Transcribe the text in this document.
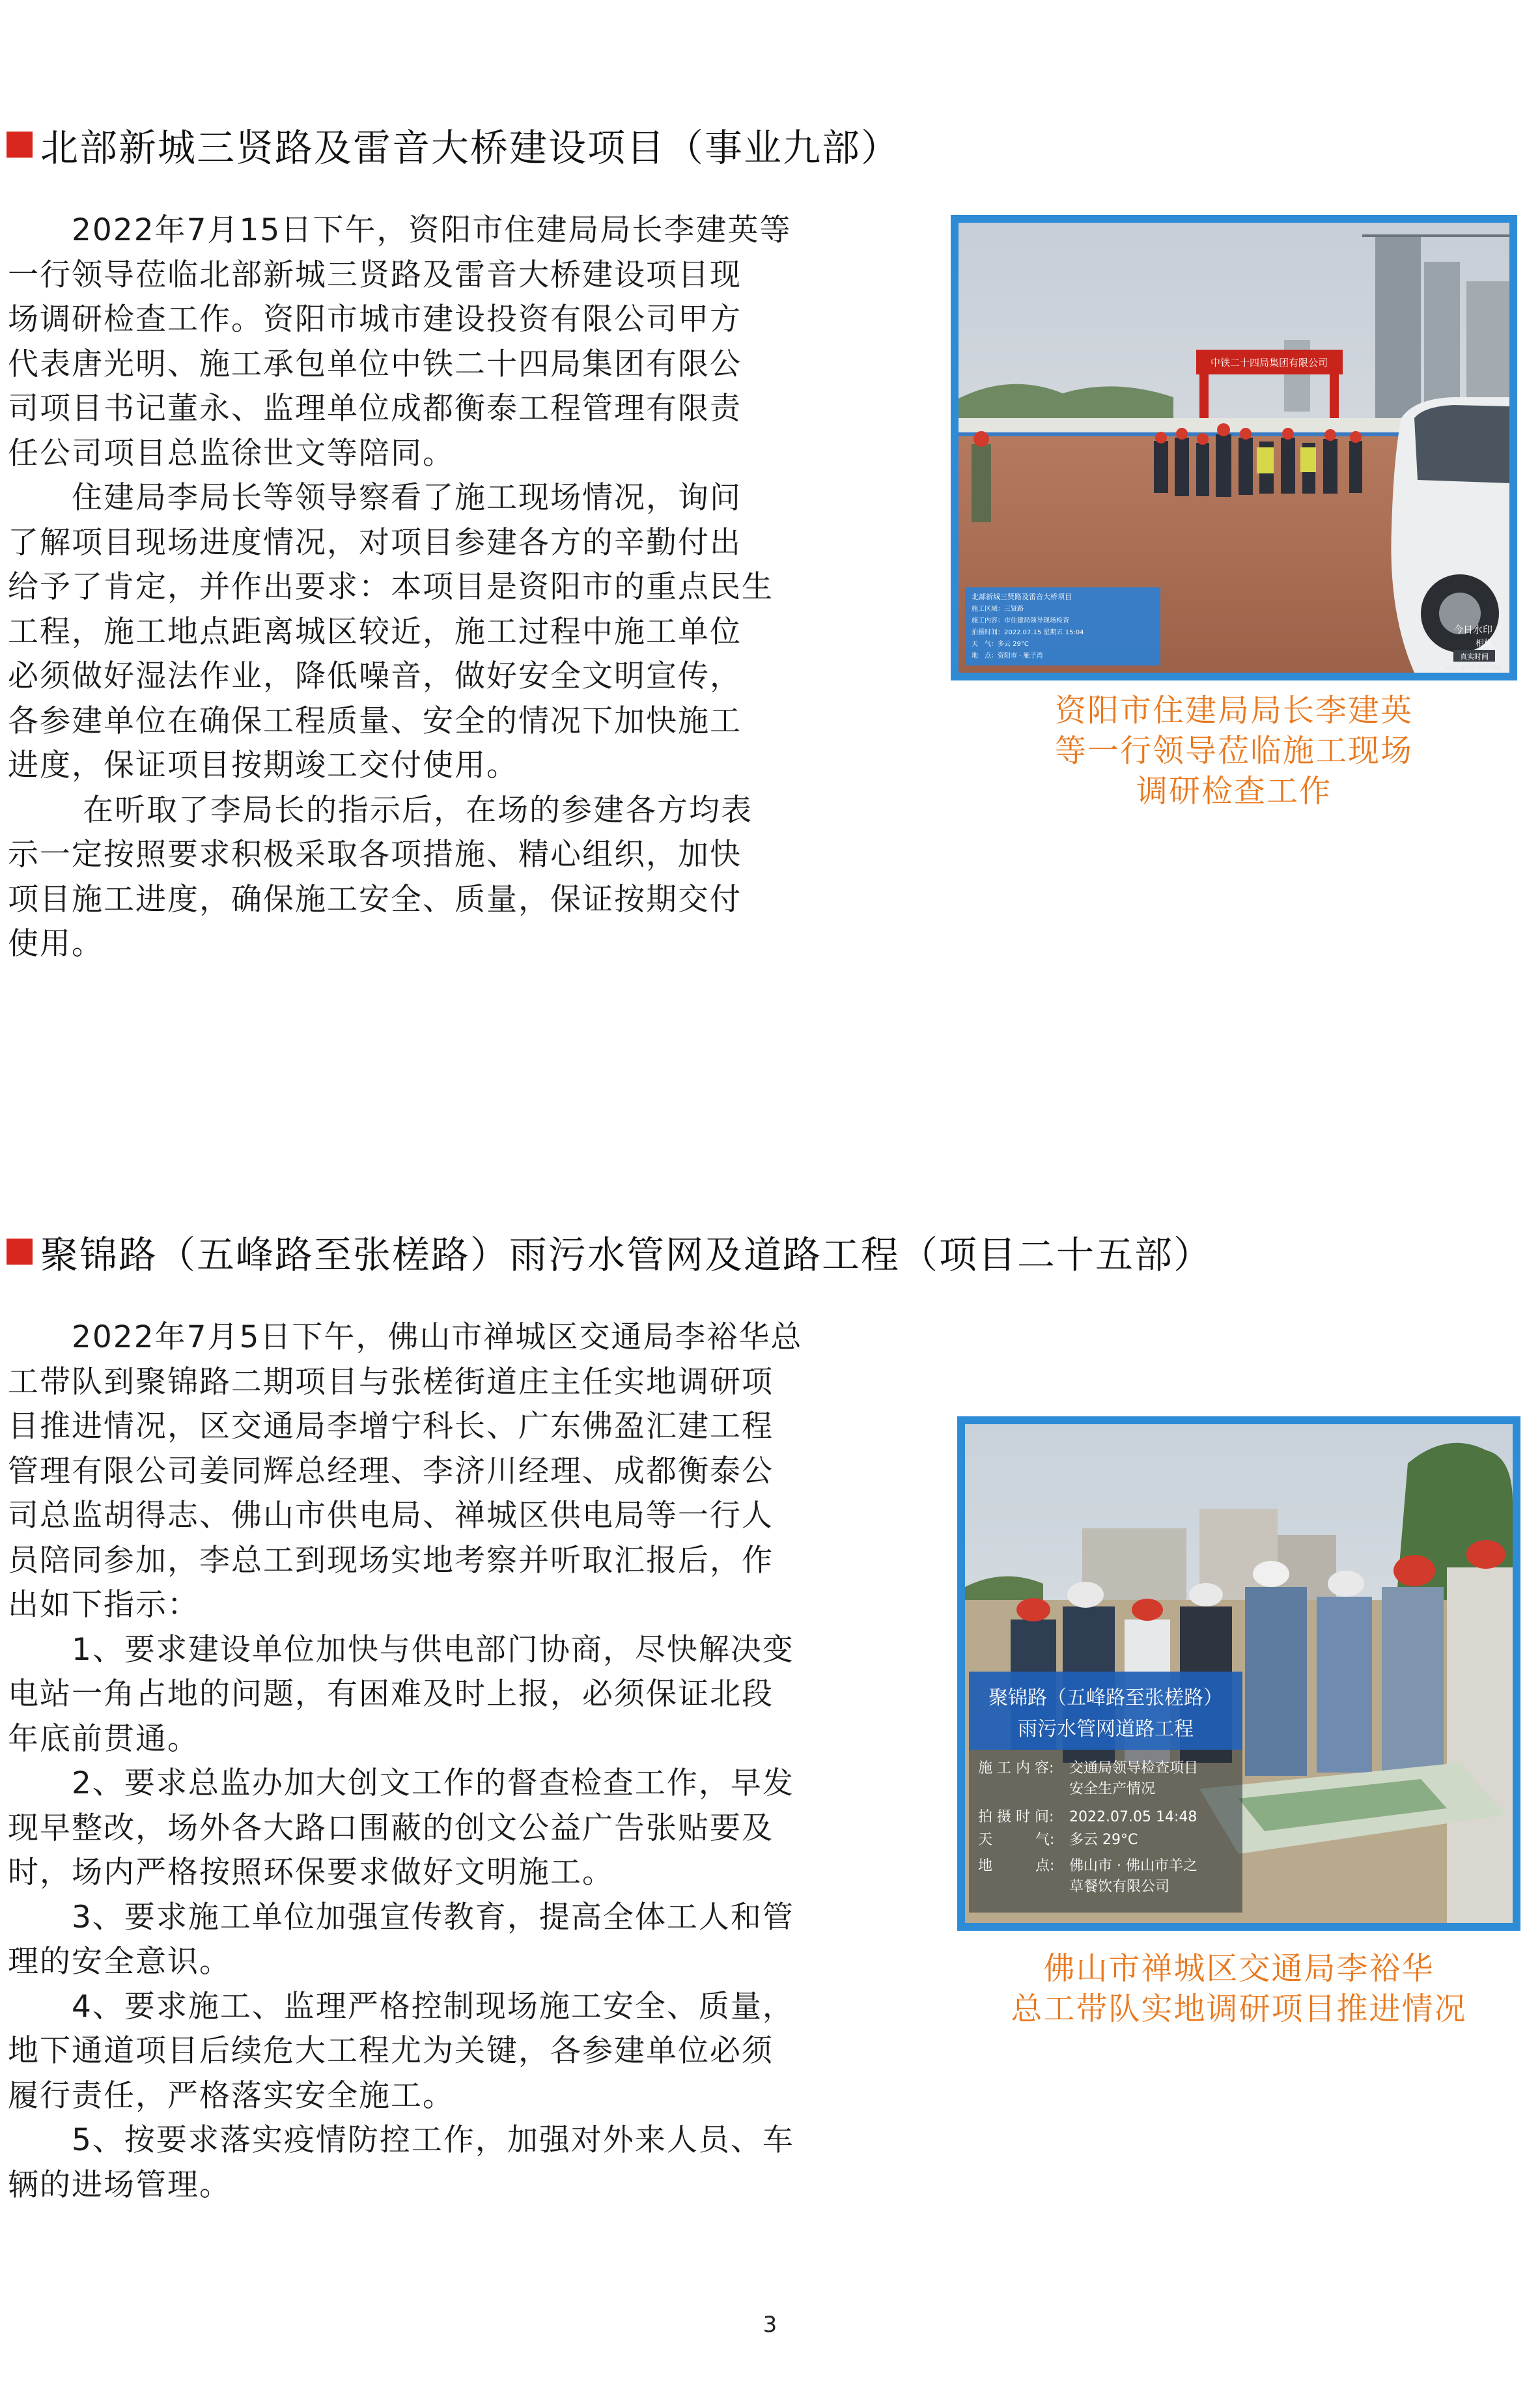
北部新城三贤路及雷音大桥建设项目（事业九部）
　　2022年7月15日下午，资阳市住建局局长李建英等
一行领导莅临北部新城三贤路及雷音大桥建设项目现
场调研检查工作。资阳市城市建设投资有限公司甲方
代表唐光明、施工承包单位中铁二十四局集团有限公
司项目书记董永、监理单位成都衡泰工程管理有限责
任公司项目总监徐世文等陪同。
　　住建局李局长等领导察看了施工现场情况，询问
了解项目现场进度情况，对项目参建各方的辛勤付出
给予了肯定，并作出要求：本项目是资阳市的重点民生
工程，施工地点距离城区较近，施工过程中施工单位
必须做好湿法作业，降低噪音，做好安全文明宣传，
各参建单位在确保工程质量、安全的情况下加快施工
进度，保证项目按期竣工交付使用。
　　 在听取了李局长的指示后，在场的参建各方均表
示一定按照要求积极采取各项措施、精心组织，加快
项目施工进度，确保施工安全、质量，保证按期交付
使用。
中铁二十四局集团有限公司
北部新城三贤路及雷音大桥项目
施工区域：三贤路
施工内容：市住建局领导现场检查
拍摄时间：2022.07.15 星期五 15:04
天　气：多云 29°C
地　点：资阳市 · 雁子湾
今日水印
相机
真实时间
防伪：RP8ACKPCHNXE
资阳市住建局局长李建英
等一行领导莅临施工现场
调研检查工作
聚锦路（五峰路至张槎路）雨污水管网及道路工程（项目二十五部）
　　2022年7月5日下午，佛山市禅城区交通局李裕华总
工带队到聚锦路二期项目与张槎街道庄主任实地调研项
目推进情况，区交通局李增宁科长、广东佛盈汇建工程
管理有限公司姜同辉总经理、李济川经理、成都衡泰公
司总监胡得志、佛山市供电局、禅城区供电局等一行人
员陪同参加，李总工到现场实地考察并听取汇报后，作
出如下指示：
　　1、要求建设单位加快与供电部门协商，尽快解决变
电站一角占地的问题，有困难及时上报，必须保证北段
年底前贯通。
　　2、要求总监办加大创文工作的督查检查工作，早发
现早整改，场外各大路口围蔽的创文公益广告张贴要及
时，场内严格按照环保要求做好文明施工。
　　3、要求施工单位加强宣传教育，提高全体工人和管
理的安全意识。
　　4、要求施工、监理严格控制现场施工安全、质量，
地下通道项目后续危大工程尤为关键，各参建单位必须
履行责任，严格落实安全施工。
　　5、按要求落实疫情防控工作，加强对外来人员、车
辆的进场管理。
聚锦路（五峰路至张槎路）
雨污水管网道路工程
施 工 内 容: 交通局领导检查项目
安全生产情况
拍 摄 时 间: 2022.07.05 14:48
天　　　气: 多云 29°C
地　　　点: 佛山市 · 佛山市羊之
草餐饮有限公司
佛山市禅城区交通局李裕华
总工带队实地调研项目推进情况
3
